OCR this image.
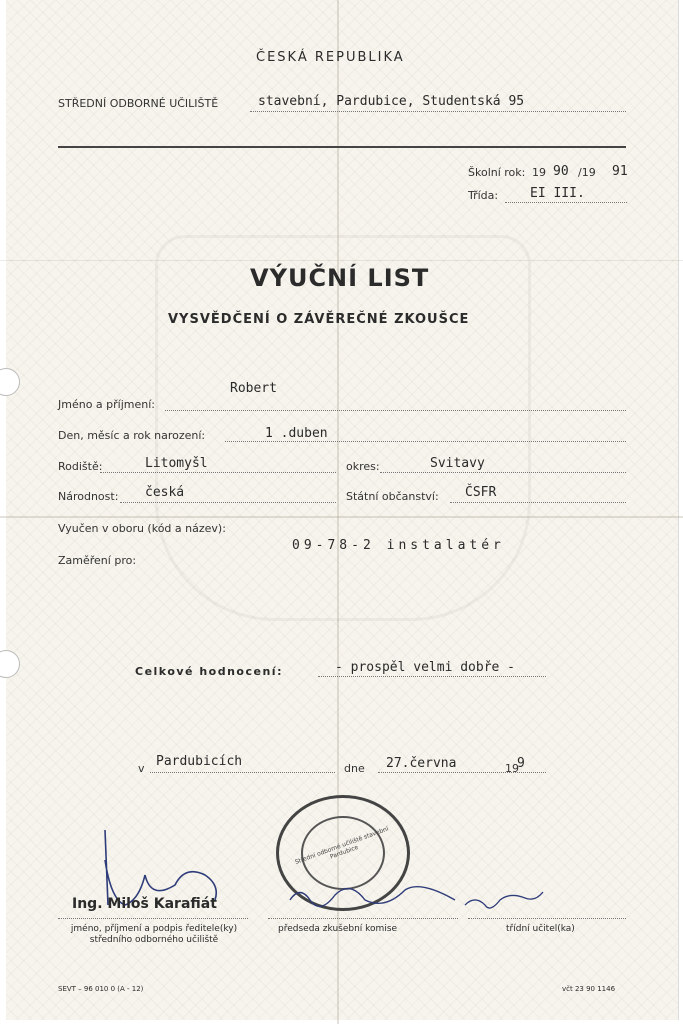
ČESKÁ REPUBLIKA
STŘEDNÍ ODBORNÉ UČILIŠTĚ	stavební, Pardubice, Studentská 95
Školní rok: 19 90 /19 91
Třída: EI III.
VÝUČNÍ LIST
VYSVĚDČENÍ O ZÁVĚREČNÉ ZKOUŠCE
Jméno a příjmení:
Robert
Den, měsíc a rok narození:	1 .duben
Rodiště:	Litomyšl	okres:	Svitavy
Národnost: česká	Státní občanství: ČSFR
Vyučen v oboru (kód a název):
09-78-2 instalatér
Zaměření pro:
Celkové hodnocení:	- prospěl velmi dobře -
v Pardubicích	dne 27.června	19
9
Střední odborné učiliště stavební Pardubice
Ing. Miloš Karafiát
jméno, příjmení a podpis ředitele(ky) středního odborného učiliště
předseda zkušební komise	třídní učitel(ka)
SEVT – 96 010 0 (A - 12)	včt 23 90 1146
